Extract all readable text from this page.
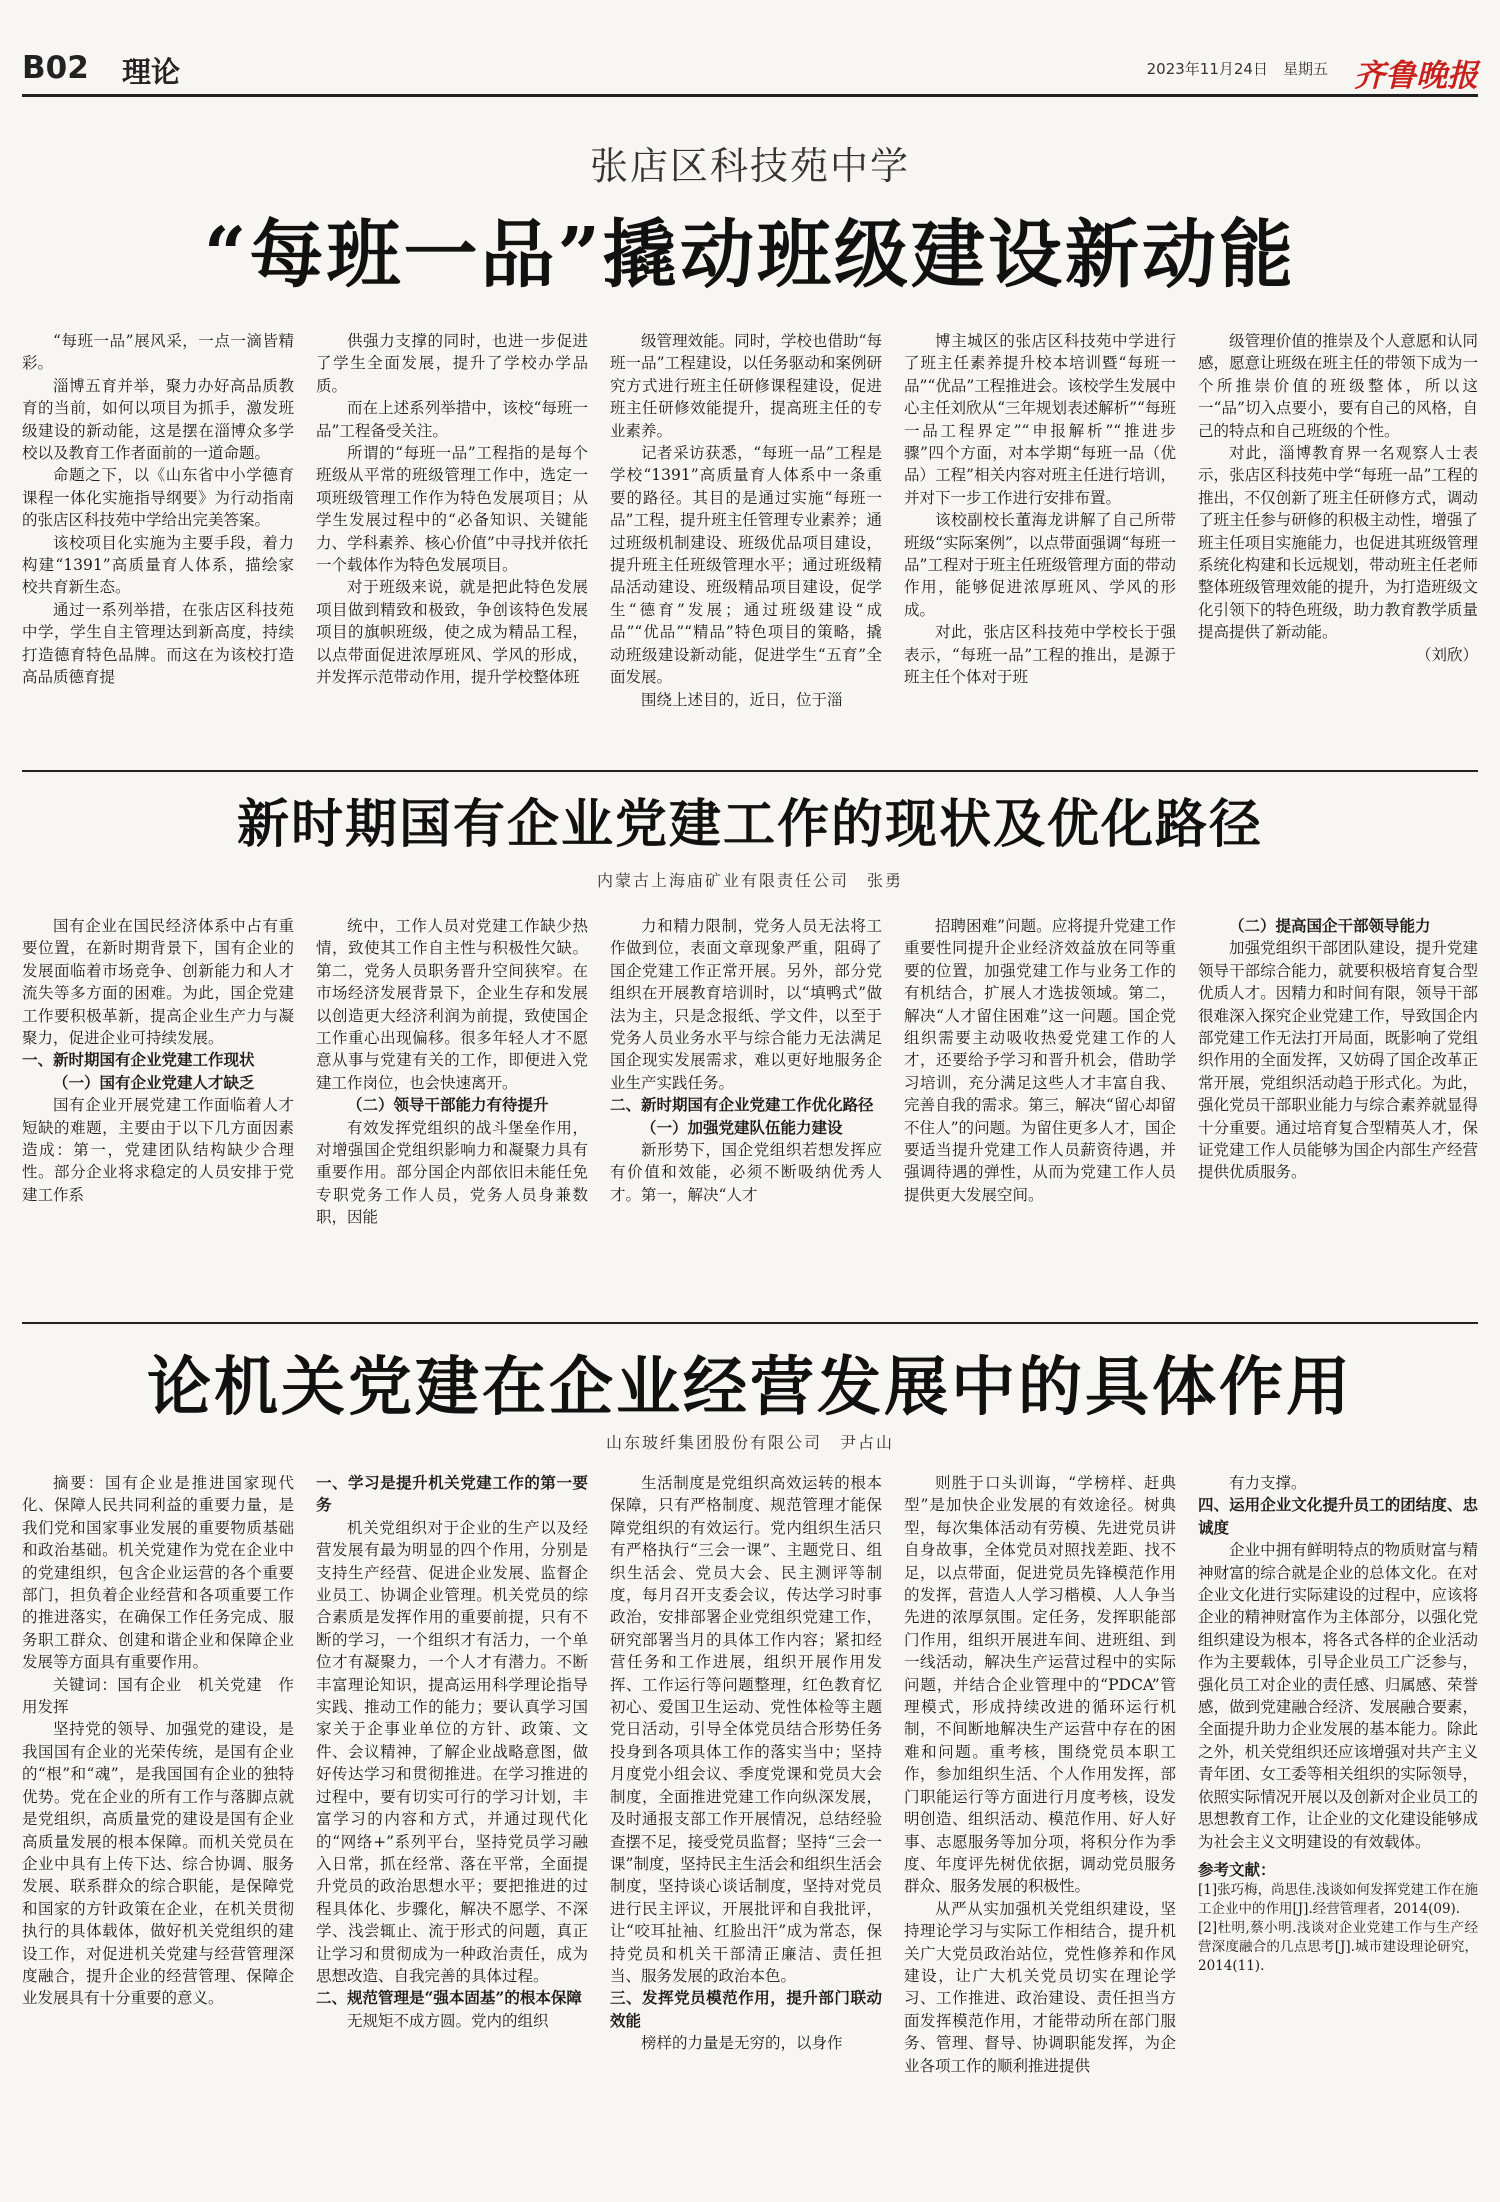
B02 理论	2023年11月24日　 星期五 齐鲁晚报
张店区科技苑中学
“每班一品”撬动班级建设新动能

“每班一品”展风采，一点一滴皆精彩。

淄博五育并举，聚力办好高品质教育的当前，如何以项目为抓手，激发班级建设的新动能，这是摆在淄博众多学校以及教育工作者面前的一道命题。

命题之下，以《山东省中小学德育课程一体化实施指导纲要》为行动指南的张店区科技苑中学给出完美答案。

该校项目化实施为主要手段，着力构建“1391”高质量育人体系，描绘家校共育新生态。

通过一系列举措，在张店区科技苑中学，学生自主管理达到新高度，持续打造德育特色品牌。而这在为该校打造高品质德育提

供强力支撑的同时，也进一步促进了学生全面发展，提升了学校办学品质。

而在上述系列举措中，该校“每班一品”工程备受关注。

所谓的“每班一品”工程指的是每个班级从平常的班级管理工作中，选定一项班级管理工作作为特色发展项目；从学生发展过程中的“必备知识、关键能力、学科素养、核心价值”中寻找并依托一个载体作为特色发展项目。

对于班级来说，就是把此特色发展项目做到精致和极致，争创该特色发展项目的旗帜班级，使之成为精品工程，以点带面促进浓厚班风、学风的形成，并发挥示范带动作用，提升学校整体班

级管理效能。同时，学校也借助“每班一品”工程建设，以任务驱动和案例研究方式进行班主任研修课程建设，促进班主任研修效能提升，提高班主任的专业素养。

记者采访获悉，“每班一品”工程是学校“1391”高质量育人体系中一条重要的路径。其目的是通过实施“每班一品”工程，提升班主任管理专业素养；通过班级机制建设、班级优品项目建设，提升班主任班级管理水平；通过班级精品活动建设、班级精品项目建设，促学生“德育”发展；通过班级建设“成品”“优品”“精品”特色项目的策略，撬动班级建设新动能，促进学生“五育”全面发展。

围绕上述目的，近日，位于淄

博主城区的张店区科技苑中学进行了班主任素养提升校本培训暨“每班一品”“优品”工程推进会。该校学生发展中心主任刘欣从“三年规划表述解析”“每班一品工程界定”“申报解析”“推进步骤”四个方面，对本学期“每班一品（优品）工程”相关内容对班主任进行培训，并对下一步工作进行安排布置。

该校副校长董海龙讲解了自己所带班级“实际案例”，以点带面强调“每班一品”工程对于班主任班级管理方面的带动作用，能够促进浓厚班风、学风的形成。

对此，张店区科技苑中学校长于强表示，“每班一品”工程的推出，是源于班主任个体对于班

级管理价值的推崇及个人意愿和认同感，愿意让班级在班主任的带领下成为一个所推崇价值的班级整体，所以这一“品”切入点要小，要有自己的风格，自己的特点和自己班级的个性。

对此，淄博教育界一名观察人士表示，张店区科技苑中学“每班一品”工程的推出，不仅创新了班主任研修方式，调动了班主任参与研修的积极主动性，增强了班主任项目实施能力，也促进其班级管理系统化构建和长远规划，带动班主任老师整体班级管理效能的提升，为打造班级文化引领下的特色班级，助力教育教学质量提高提供了新动能。

（刘欣）

新时期国有企业党建工作的现状及优化路径
内蒙古上海庙矿业有限责任公司　张勇

国有企业在国民经济体系中占有重要位置，在新时期背景下，国有企业的发展面临着市场竞争、创新能力和人才流失等多方面的困难。为此，国企党建工作要积极革新，提高企业生产力与凝聚力，促进企业可持续发展。

一、新时期国有企业党建工作现状

（一）国有企业党建人才缺乏

国有企业开展党建工作面临着人才短缺的难题，主要由于以下几方面因素造成：第一，党建团队结构缺少合理性。部分企业将求稳定的人员安排于党建工作系

统中，工作人员对党建工作缺少热情，致使其工作自主性与积极性欠缺。第二，党务人员职务晋升空间狭窄。在市场经济发展背景下，企业生存和发展以创造更大经济利润为前提，致使国企工作重心出现偏移。很多年轻人才不愿意从事与党建有关的工作，即便进入党建工作岗位，也会快速离开。

（二）领导干部能力有待提升

有效发挥党组织的战斗堡垒作用，对增强国企党组织影响力和凝聚力具有重要作用。部分国企内部依旧未能任免专职党务工作人员，党务人员身兼数职，因能

力和精力限制，党务人员无法将工作做到位，表面文章现象严重，阻碍了国企党建工作正常开展。另外，部分党组织在开展教育培训时，以“填鸭式”做法为主，只是念报纸、学文件，以至于党务人员业务水平与综合能力无法满足国企现实发展需求，难以更好地服务企业生产实践任务。

二、新时期国有企业党建工作优化路径

（一）加强党建队伍能力建设

新形势下，国企党组织若想发挥应有价值和效能，必须不断吸纳优秀人才。第一，解决“人才

招聘困难”问题。应将提升党建工作重要性同提升企业经济效益放在同等重要的位置，加强党建工作与业务工作的有机结合，扩展人才选拔领域。第二，解决“人才留住困难”这一问题。国企党组织需要主动吸收热爱党建工作的人才，还要给予学习和晋升机会，借助学习培训，充分满足这些人才丰富自我、完善自我的需求。第三，解决“留心却留不住人”的问题。为留住更多人才，国企要适当提升党建工作人员薪资待遇，并强调待遇的弹性，从而为党建工作人员提供更大发展空间。

（二）提高国企干部领导能力

加强党组织干部团队建设，提升党建领导干部综合能力，就要积极培育复合型优质人才。因精力和时间有限，领导干部很难深入探究企业党建工作，导致国企内部党建工作无法打开局面，既影响了党组织作用的全面发挥，又妨碍了国企改革正常开展，党组织活动趋于形式化。为此，强化党员干部职业能力与综合素养就显得十分重要。通过培育复合型精英人才，保证党建工作人员能够为国企内部生产经营提供优质服务。

论机关党建在企业经营发展中的具体作用
山东玻纤集团股份有限公司　尹占山

摘要：国有企业是推进国家现代化、保障人民共同利益的重要力量，是我们党和国家事业发展的重要物质基础和政治基础。机关党建作为党在企业中的党建组织，包含企业运营的各个重要部门，担负着企业经营和各项重要工作的推进落实，在确保工作任务完成、服务职工群众、创建和谐企业和保障企业发展等方面具有重要作用。

关键词：国有企业　机关党建　作用发挥

坚持党的领导、加强党的建设，是我国国有企业的光荣传统，是国有企业的“根”和“魂”，是我国国有企业的独特优势。党在企业的所有工作与落脚点就是党组织，高质量党的建设是国有企业高质量发展的根本保障。而机关党员在企业中具有上传下达、综合协调、服务发展、联系群众的综合职能，是保障党和国家的方针政策在企业，在机关贯彻执行的具体载体，做好机关党组织的建设工作，对促进机关党建与经营管理深度融合，提升企业的经营管理、保障企业发展具有十分重要的意义。

一、学习是提升机关党建工作的第一要务

机关党组织对于企业的生产以及经营发展有最为明显的四个作用，分别是支持生产经营、促进企业发展、监督企业员工、协调企业管理。机关党员的综合素质是发挥作用的重要前提，只有不断的学习，一个组织才有活力，一个单位才有凝聚力，一个人才有潜力。不断丰富理论知识，提高运用科学理论指导实践、推动工作的能力；要认真学习国家关于企事业单位的方针、政策、文件、会议精神，了解企业战略意图，做好传达学习和贯彻推进。在学习推进的过程中，要有切实可行的学习计划，丰富学习的内容和方式，并通过现代化的“网络+”系列平台，坚持党员学习融入日常，抓在经常、落在平常，全面提升党员的政治思想水平；要把推进的过程具体化、步骤化，解决不愿学、不深学、浅尝辄止、流于形式的问题，真正让学习和贯彻成为一种政治责任，成为思想改造、自我完善的具体过程。

二、规范管理是“强本固基”的根本保障

无规矩不成方圆。党内的组织

生活制度是党组织高效运转的根本保障，只有严格制度、规范管理才能保障党组织的有效运行。党内组织生活只有严格执行“三会一课”、主题党日、组织生活会、党员大会、民主测评等制度，每月召开支委会议，传达学习时事政治，安排部署企业党组织党建工作，研究部署当月的具体工作内容；紧扣经营任务和工作进展，组织开展作用发挥、工作运行等问题整理，红色教育忆初心、爱国卫生运动、党性体检等主题党日活动，引导全体党员结合形势任务投身到各项具体工作的落实当中；坚持月度党小组会议、季度党课和党员大会制度，全面推进党建工作向纵深发展，及时通报支部工作开展情况，总结经验查摆不足，接受党员监督；坚持“三会一课”制度，坚持民主生活会和组织生活会制度，坚持谈心谈话制度，坚持对党员进行民主评议，开展批评和自我批评，让“咬耳扯袖、红脸出汗”成为常态，保持党员和机关干部清正廉洁、责任担当、服务发展的政治本色。

三、发挥党员模范作用，提升部门联动效能

榜样的力量是无穷的，以身作

则胜于口头训诲，“学榜样、赶典型”是加快企业发展的有效途径。树典型，每次集体活动有劳模、先进党员讲自身故事，全体党员对照找差距、找不足，以点带面，促进党员先锋模范作用的发挥，营造人人学习楷模、人人争当先进的浓厚氛围。定任务，发挥职能部门作用，组织开展进车间、进班组、到一线活动，解决生产运营过程中的实际问题，并结合企业管理中的“PDCA”管理模式，形成持续改进的循环运行机制，不间断地解决生产运营中存在的困难和问题。重考核，围绕党员本职工作，参加组织生活、个人作用发挥，部门职能运行等方面进行月度考核，设发明创造、组织活动、模范作用、好人好事、志愿服务等加分项，将积分作为季度、年度评先树优依据，调动党员服务群众、服务发展的积极性。

从严从实加强机关党组织建设，坚持理论学习与实际工作相结合，提升机关广大党员政治站位，党性修养和作风建设，让广大机关党员切实在理论学习、工作推进、政治建设、责任担当方面发挥模范作用，才能带动所在部门服务、管理、督导、协调职能发挥，为企业各项工作的顺利推进提供

有力支撑。

四、运用企业文化提升员工的团结度、忠诚度

企业中拥有鲜明特点的物质财富与精神财富的综合就是企业的总体文化。在对企业文化进行实际建设的过程中，应该将企业的精神财富作为主体部分，以强化党组织建设为根本，将各式各样的企业活动作为主要载体，引导企业员工广泛参与，强化员工对企业的责任感、归属感、荣誉感，做到党建融合经济、发展融合要素，全面提升助力企业发展的基本能力。除此之外，机关党组织还应该增强对共产主义青年团、女工委等相关组织的实际领导，依照实际情况开展以及创新对企业员工的思想教育工作，让企业的文化建设能够成为社会主义文明建设的有效载体。

参考文献：

[1]张巧梅，尚思佳.浅谈如何发挥党建工作在施工企业中的作用[J].经营管理者，2014(09).

[2]杜明,蔡小明.浅谈对企业党建工作与生产经营深度融合的几点思考[J].城市建设理论研究，2014(11).
